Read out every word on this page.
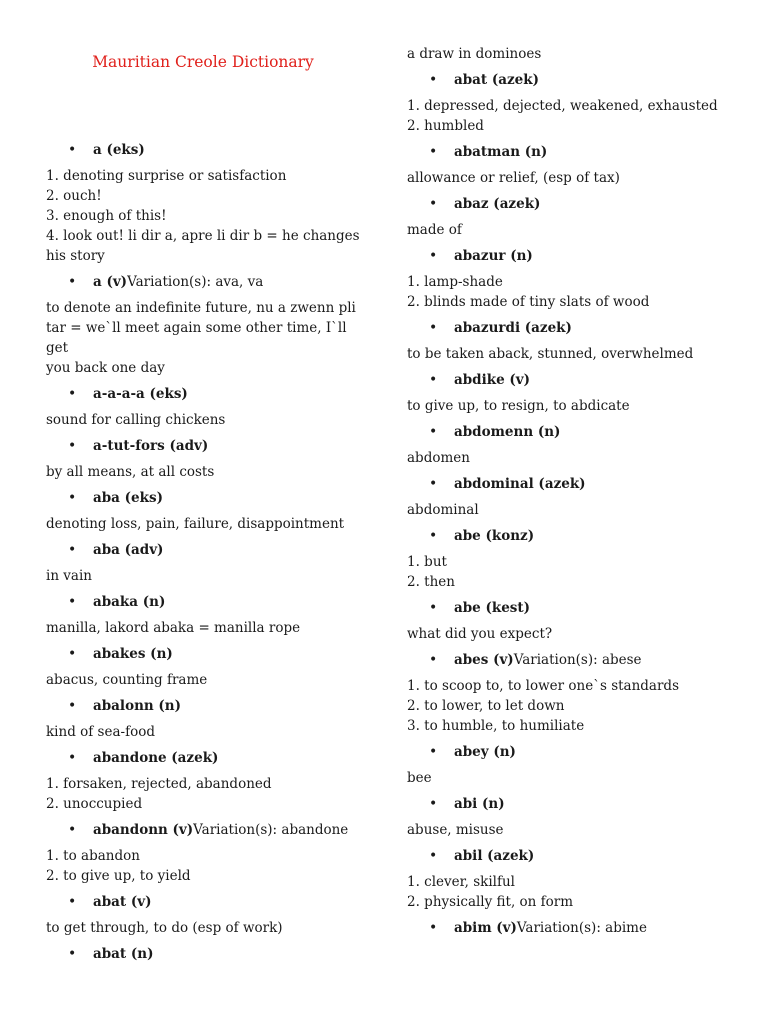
Mauritian Creole Dictionary
• a (eks)

1. denoting surprise or satisfaction

2. ouch!

3. enough of this!

4. look out! li dir a, apre li dir b = he changes

his story

• a (v)Variation(s): ava, va

to denote an indefinite future, nu a zwenn pli

tar = we`ll meet again some other time, I`ll get

you back one day

• a-a-a-a (eks)

sound for calling chickens

• a-tut-fors (adv)

by all means, at all costs

• aba (eks)

denoting loss, pain, failure, disappointment

• aba (adv)

in vain

• abaka (n)

manilla, lakord abaka = manilla rope

• abakes (n)

abacus, counting frame

• abalonn (n)

kind of sea-food

• abandone (azek)

1. forsaken, rejected, abandoned

2. unoccupied

• abandonn (v)Variation(s): abandone

1. to abandon

2. to give up, to yield

• abat (v)

to get through, to do (esp of work)

• abat (n)

a draw in dominoes

• abat (azek)

1. depressed, dejected, weakened, exhausted

2. humbled

• abatman (n)

allowance or relief, (esp of tax)

• abaz (azek)

made of

• abazur (n)

1. lamp-shade

2. blinds made of tiny slats of wood

• abazurdi (azek)

to be taken aback, stunned, overwhelmed

• abdike (v)

to give up, to resign, to abdicate

• abdomenn (n)

abdomen

• abdominal (azek)

abdominal

• abe (konz)

1. but

2. then

• abe (kest)

what did you expect?

• abes (v)Variation(s): abese

1. to scoop to, to lower one`s standards

2. to lower, to let down

3. to humble, to humiliate

• abey (n)

bee

• abi (n)

abuse, misuse

• abil (azek)

1. clever, skilful

2. physically fit, on form

• abim (v)Variation(s): abime
